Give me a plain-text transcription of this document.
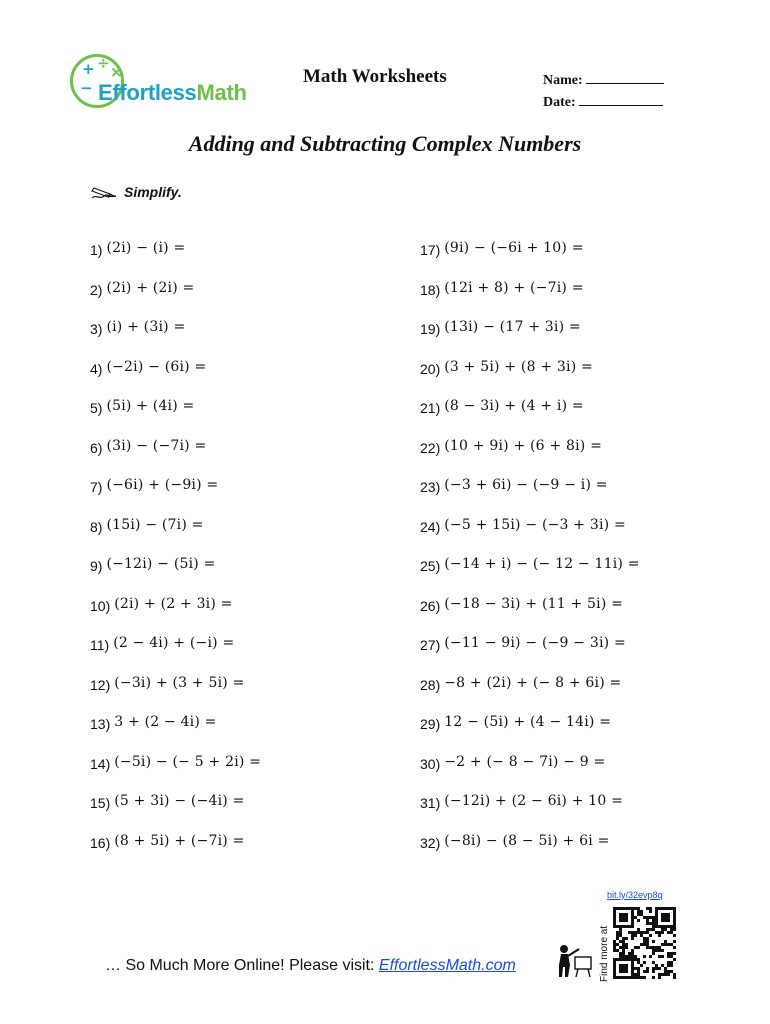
+ ÷ ×
− EffortlessMath
Math Worksheets	Name:
Date:
Adding and Subtracting Complex Numbers
Simplify.
1) (2i) − (i) =
2) (2i) + (2i) =
3) (i) + (3i) =
4) (−2i) − (6i) =
5) (5i) + (4i) =
6) (3i) − (−7i) =
7) (−6i) + (−9i) =
8) (15i) − (7i) =
9) (−12i) − (5i) =
10) (2i) + (2 + 3i) =
11) (2 − 4i) + (−i) =
12) (−3i) + (3 + 5i) =
13) 3 + (2 − 4i) =
14) (−5i) − (− 5 + 2i) =
15) (5 + 3i) − (−4i) =
16) (8 + 5i) + (−7i) =
17) (9i) − (−6i + 10) =
18) (12i + 8) + (−7i) =
19) (13i) − (17 + 3i) =
20) (3 + 5i) + (8 + 3i) =
21) (8 − 3i) + (4 + i) =
22) (10 + 9i) + (6 + 8i) =
23) (−3 + 6i) − (−9 − i) =
24) (−5 + 15i) − (−3 + 3i) =
25) (−14 + i) − (− 12 − 11i) =
26) (−18 − 3i) + (11 + 5i) =
27) (−11 − 9i) − (−9 − 3i) =
28) −8 + (2i) + (− 8 + 6i) =
29) 12 − (5i) + (4 − 14i) =
30) −2 + (− 8 − 7i) − 9 =
31) (−12i) + (2 − 6i) + 10 =
32) (−8i) − (8 − 5i) + 6i =
bit.ly/32evp8q
Find more at
… So Much More Online! Please visit: EffortlessMath.com
